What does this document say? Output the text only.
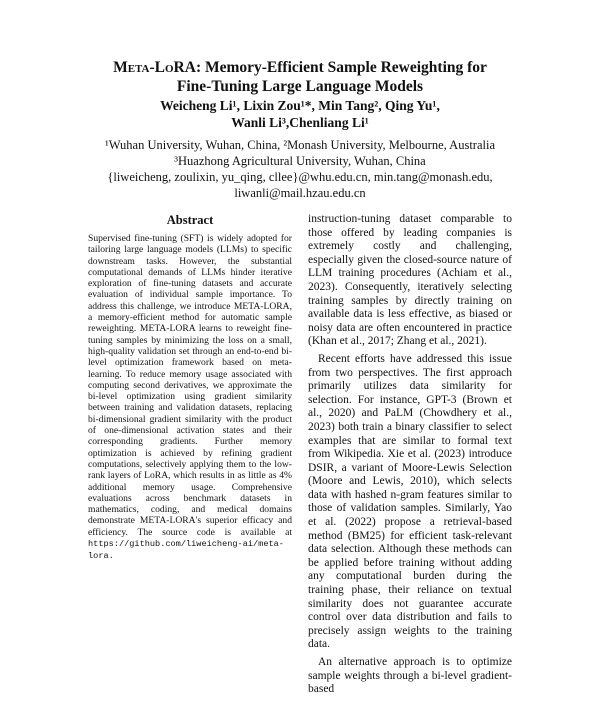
Meta-LoRA: Memory-Efficient Sample Reweighting for
Fine-Tuning Large Language Models
Weicheng Li¹, Lixin Zou¹*, Min Tang², Qing Yu¹,
Wanli Li³,Chenliang Li¹
¹Wuhan University, Wuhan, China, ²Monash University, Melbourne, Australia
³Huazhong Agricultural University, Wuhan, China
{liweicheng, zoulixin, yu_qing, cllee}@whu.edu.cn, min.tang@monash.edu,
liwanli@mail.hzau.edu.cn
Abstract
Supervised fine-tuning (SFT) is widely adopted for tailoring large language models (LLMs) to specific downstream tasks. However, the substantial computational demands of LLMs hinder iterative exploration of fine-tuning datasets and accurate evaluation of individual sample importance. To address this challenge, we introduce META-LORA, a memory-efficient method for automatic sample reweighting. META-LORA learns to reweight fine-tuning samples by minimizing the loss on a small, high-quality validation set through an end-to-end bi-level optimization framework based on meta-learning. To reduce memory usage associated with computing second derivatives, we approximate the bi-level optimization using gradient similarity between training and validation datasets, replacing bi-dimensional gradient similarity with the product of one-dimensional activation states and their corresponding gradients. Further memory optimization is achieved by refining gradient computations, selectively applying them to the low-rank layers of LoRA, which results in as little as 4% additional memory usage. Comprehensive evaluations across benchmark datasets in mathematics, coding, and medical domains demonstrate META-LORA's superior efficacy and efficiency. The source code is available at https://github.com/liweicheng-ai/meta-lora.

instruction-tuning dataset comparable to those offered by leading companies is extremely costly and challenging, especially given the closed-source nature of LLM training procedures (Achiam et al., 2023). Consequently, iteratively selecting training samples by directly training on available data is less effective, as biased or noisy data are often encountered in practice (Khan et al., 2017; Zhang et al., 2021).

Recent efforts have addressed this issue from two perspectives. The first approach primarily utilizes data similarity for selection. For instance, GPT-3 (Brown et al., 2020) and PaLM (Chowdhery et al., 2023) both train a binary classifier to select examples that are similar to formal text from Wikipedia. Xie et al. (2023) introduce DSIR, a variant of Moore-Lewis Selection (Moore and Lewis, 2010), which selects data with hashed n-gram features similar to those of validation samples. Similarly, Yao et al. (2022) propose a retrieval-based method (BM25) for efficient task-relevant data selection. Although these methods can be applied before training without adding any computational burden during the training phase, their reliance on textual similarity does not guarantee accurate control over data distribution and fails to precisely assign weights to the training data.

An alternative approach is to optimize sample weights through a bi-level gradient-based
